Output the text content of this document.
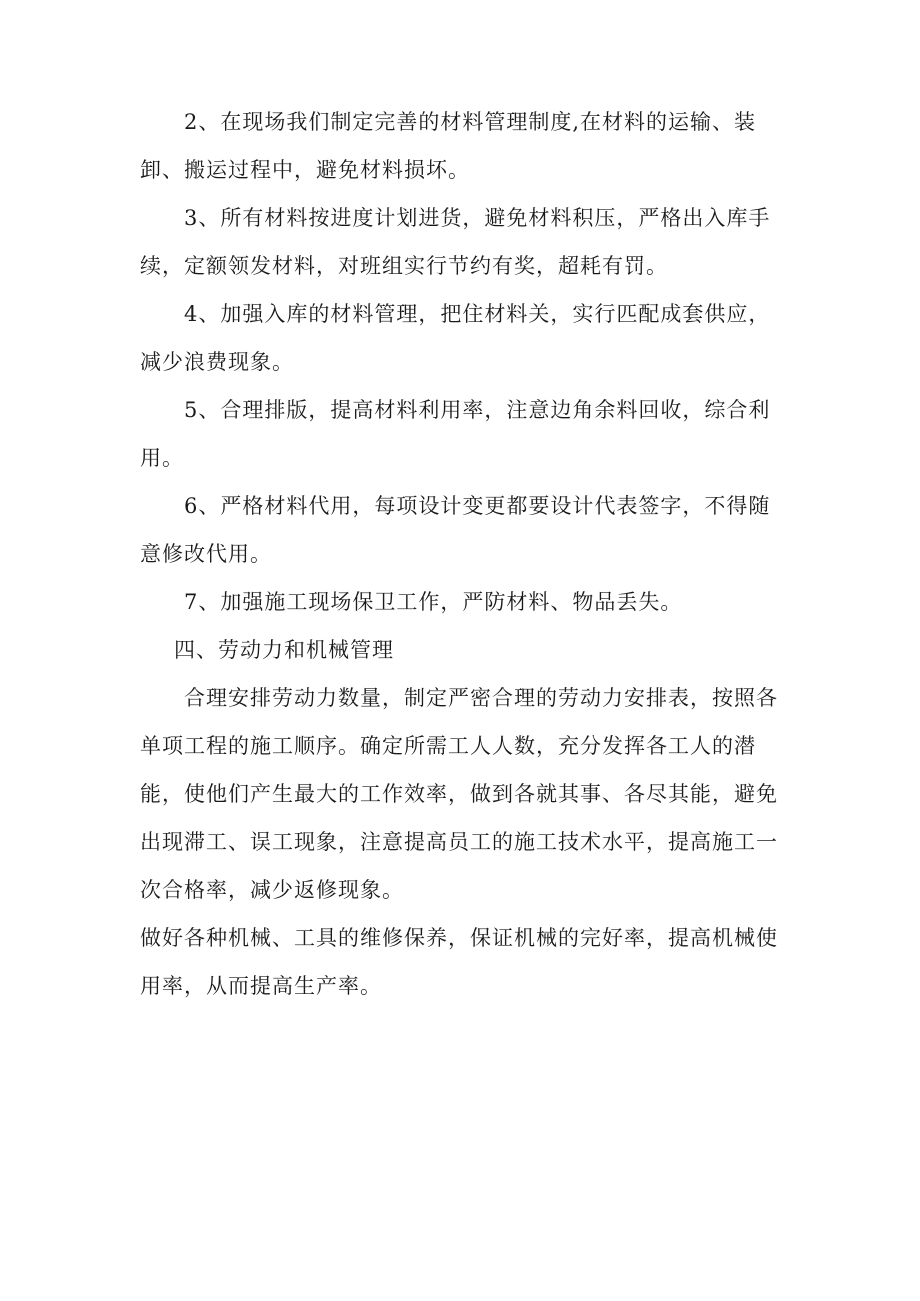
2、在现场我们制定完善的材料管理制度,在材料的运输、装卸、搬运过程中，避免材料损坏。

3、所有材料按进度计划进货，避免材料积压，严格出入库手续，定额领发材料，对班组实行节约有奖，超耗有罚。

4、加强入库的材料管理，把住材料关，实行匹配成套供应，减少浪费现象。

5、合理排版，提高材料利用率，注意边角余料回收，综合利用。

6、严格材料代用，每项设计变更都要设计代表签字，不得随意修改代用。

7、加强施工现场保卫工作，严防材料、物品丢失。

四、劳动力和机械管理

合理安排劳动力数量，制定严密合理的劳动力安排表，按照各单项工程的施工顺序。确定所需工人人数，充分发挥各工人的潜能，使他们产生最大的工作效率，做到各就其事、各尽其能，避免出现滞工、误工现象，注意提高员工的施工技术水平，提高施工一次合格率，减少返修现象。

做好各种机械、工具的维修保养，保证机械的完好率，提高机械使用率，从而提高生产率。
